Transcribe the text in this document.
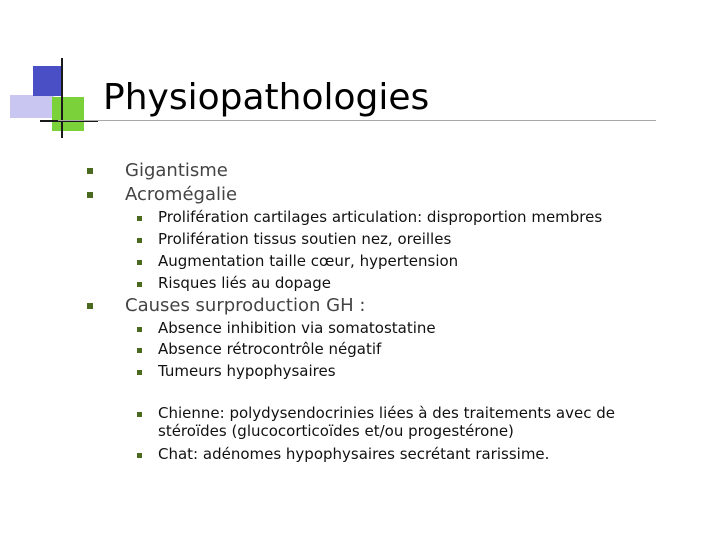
Physiopathologies
Gigantisme
Acromégalie
Prolifération cartilages articulation: disproportion membres
Prolifération tissus soutien nez, oreilles
Augmentation taille cœur, hypertension
Risques liés au dopage
Causes surproduction GH :
Absence inhibition via somatostatine
Absence rétrocontrôle négatif
Tumeurs hypophysaires
Chienne: polydysendocrinies liées à des traitements avec de stéroïdes (glucocorticoïdes et/ou progestérone)
Chat: adénomes hypophysaires secrétant rarissime.
